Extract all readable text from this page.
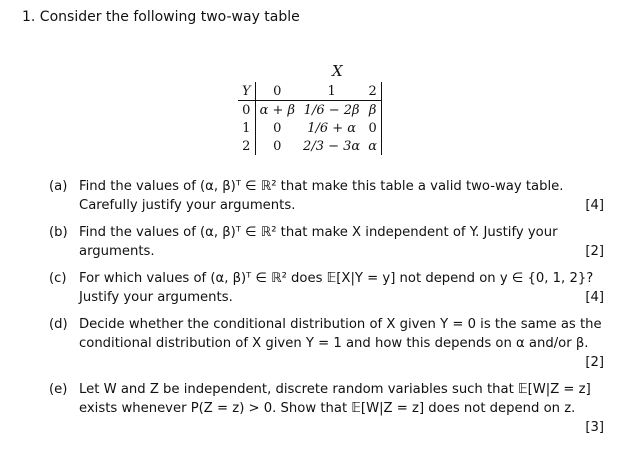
1. Consider the following two-way table
X
Y	0	1	2
0	α + β	1/6 − 2β	β
1	0	1/6 + α	0
2	0	2/3 − 3α	α
(a) Find the values of (α, β)ᵀ ∈ ℝ² that make this table a valid two-way table.
Carefully justify your arguments.	[4]
(b) Find the values of (α, β)ᵀ ∈ ℝ² that make X independent of Y. Justify your
arguments.	[2]
(c) For which values of (α, β)ᵀ ∈ ℝ² does 𝔼[X|Y = y] not depend on y ∈ {0, 1, 2}?
Justify your arguments.	[4]
(d) Decide whether the conditional distribution of X given Y = 0 is the same as the
conditional distribution of X given Y = 1 and how this depends on α and/or β.
[2]
(e) Let W and Z be independent, discrete random variables such that 𝔼[W|Z = z]
exists whenever P(Z = z) > 0. Show that 𝔼[W|Z = z] does not depend on z.
[3]
